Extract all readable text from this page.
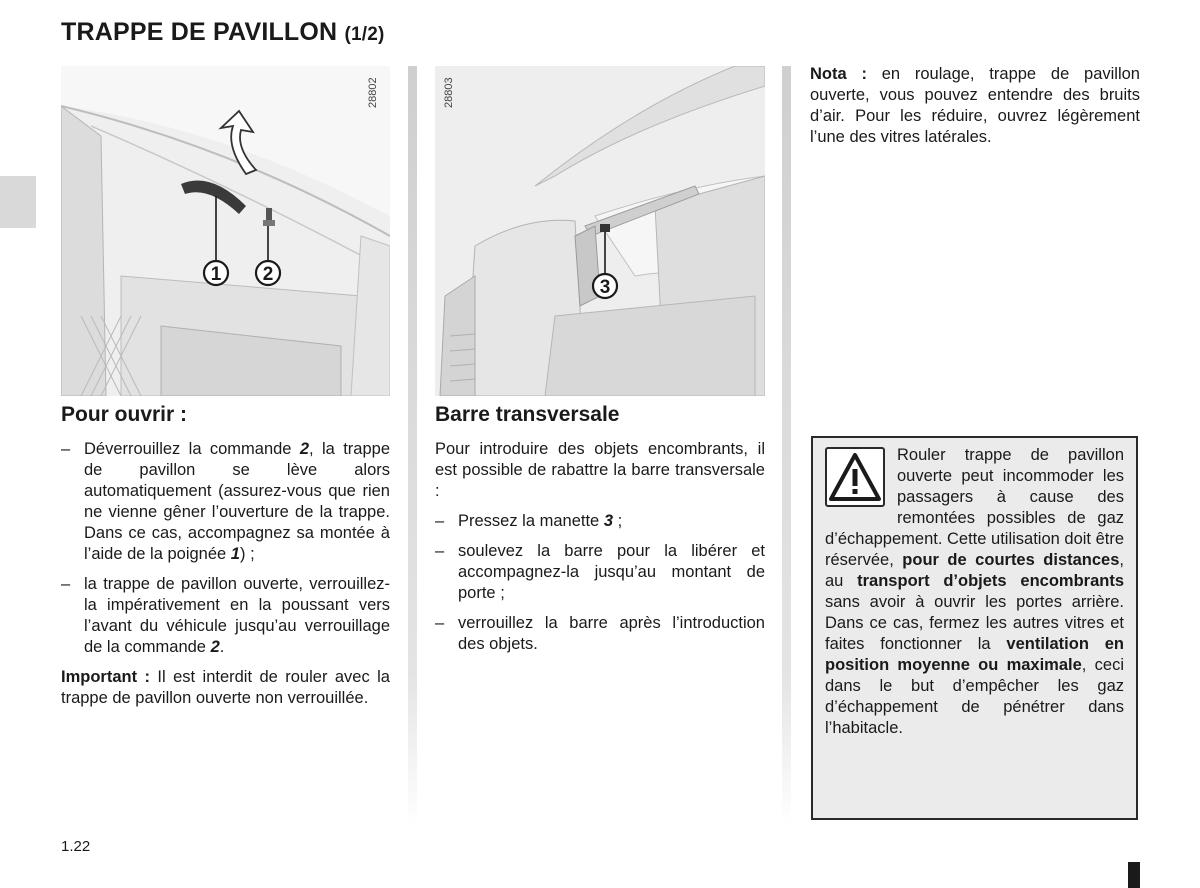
TRAPPE DE PAVILLON (1/2)
1 2
28802
3
28803
Pour ouvrir :
– Déverrouillez la commande 2, la trappe de pavillon se lève alors automatiquement (assurez-vous que rien ne vienne gêner l’ouverture de la trappe. Dans ce cas, accompagnez sa montée à l’aide de la poignée 1) ;
– la trappe de pavillon ouverte, verrouillez-la impérativement en la poussant vers l’avant du véhicule jusqu’au verrouillage de la commande 2.

Important : Il est interdit de rouler avec la trappe de pavillon ouverte non verrouillée.

Barre transversale

Pour introduire des objets encombrants, il est possible de rabattre la barre transversale :

– Pressez la manette 3 ;
– soulevez la barre pour la libérer et accompagnez-la jusqu’au montant de porte ;
– verrouillez la barre après l’introduction des objets.

Nota : en roulage, trappe de pavillon ouverte, vous pouvez entendre des bruits d’air. Pour les réduire, ouvrez légèrement l’une des vitres latérales.

Rouler trappe de pavillon ouverte peut incommoder les passagers à cause des remontées possibles de gaz d’échappement. Cette utilisation doit être réservée, pour de courtes distances, au transport d’objets encombrants sans avoir à ouvrir les portes arrière. Dans ce cas, fermez les autres vitres et faites fonctionner la ventilation en position moyenne ou maximale, ceci dans le but d’empêcher les gaz d’échappement de pénétrer dans l’habitacle.
1.22
